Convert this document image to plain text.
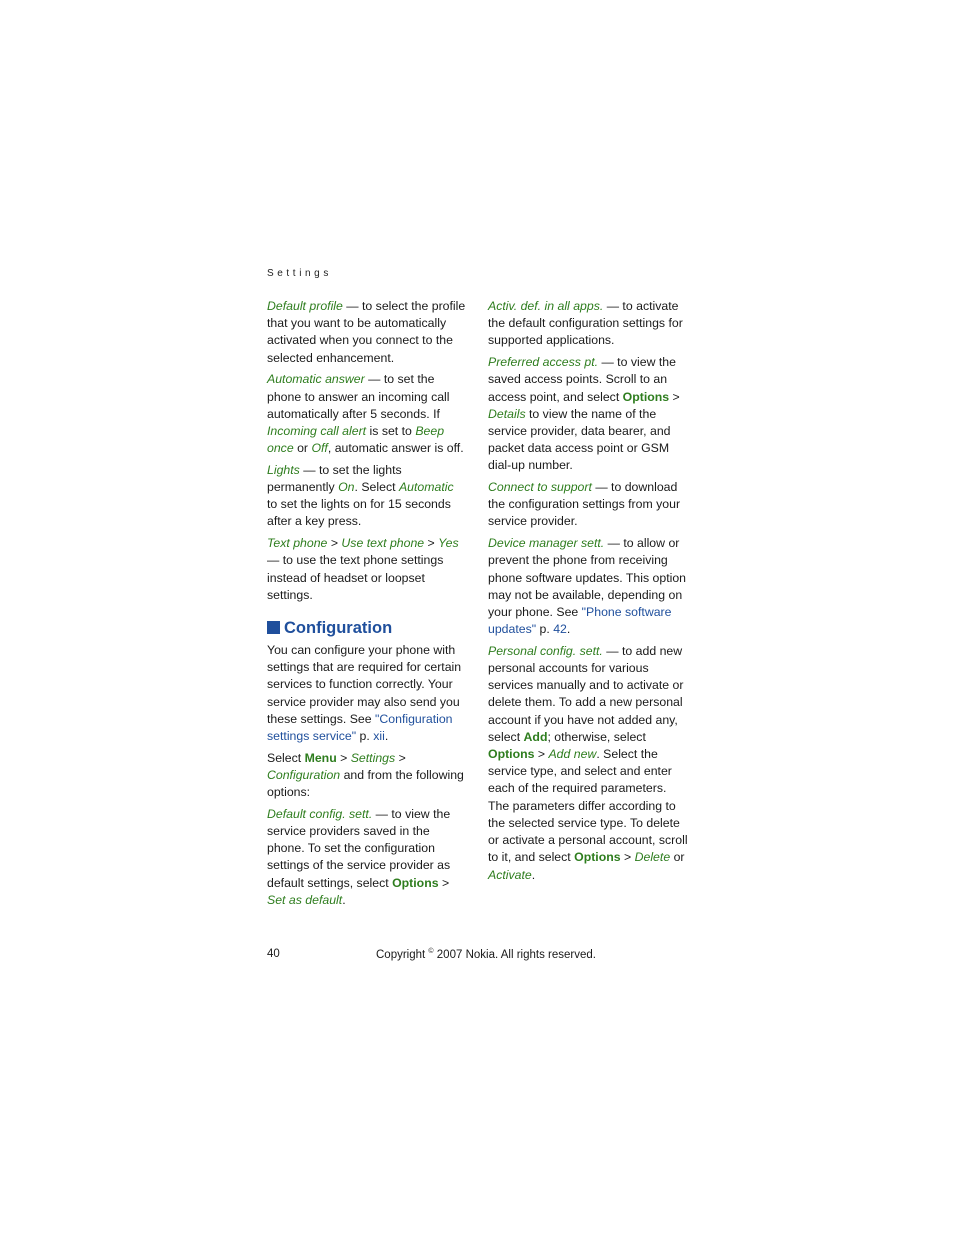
Settings

Default profile — to select the profile that you want to be automatically activated when you connect to the selected enhancement.

Automatic answer — to set the phone to answer an incoming call automatically after 5 seconds. If Incoming call alert is set to Beep once or Off, automatic answer is off.

Lights — to set the lights permanently On. Select Automatic to set the lights on for 15 seconds after a key press.

Text phone > Use text phone > Yes — to use the text phone settings instead of headset or loopset settings.

Configuration

You can configure your phone with settings that are required for certain services to function correctly. Your service provider may also send you these settings. See "Configuration settings service" p. xii.

Select Menu > Settings > Configuration and from the following options:

Default config. sett. — to view the service providers saved in the phone. To set the configuration settings of the service provider as default settings, select Options > Set as default.

Activ. def. in all apps. — to activate the default configuration settings for supported applications.

Preferred access pt. — to view the saved access points. Scroll to an access point, and select Options > Details to view the name of the service provider, data bearer, and packet data access point or GSM dial-up number.

Connect to support — to download the configuration settings from your service provider.

Device manager sett. — to allow or prevent the phone from receiving phone software updates. This option may not be available, depending on your phone. See "Phone software updates" p. 42.

Personal config. sett. — to add new personal accounts for various services manually and to activate or delete them. To add a new personal account if you have not added any, select Add; otherwise, select Options > Add new. Select the service type, and select and enter each of the required parameters. The parameters differ according to the selected service type. To delete or activate a personal account, scroll to it, and select Options > Delete or Activate.

40	Copyright © 2007 Nokia. All rights reserved.
